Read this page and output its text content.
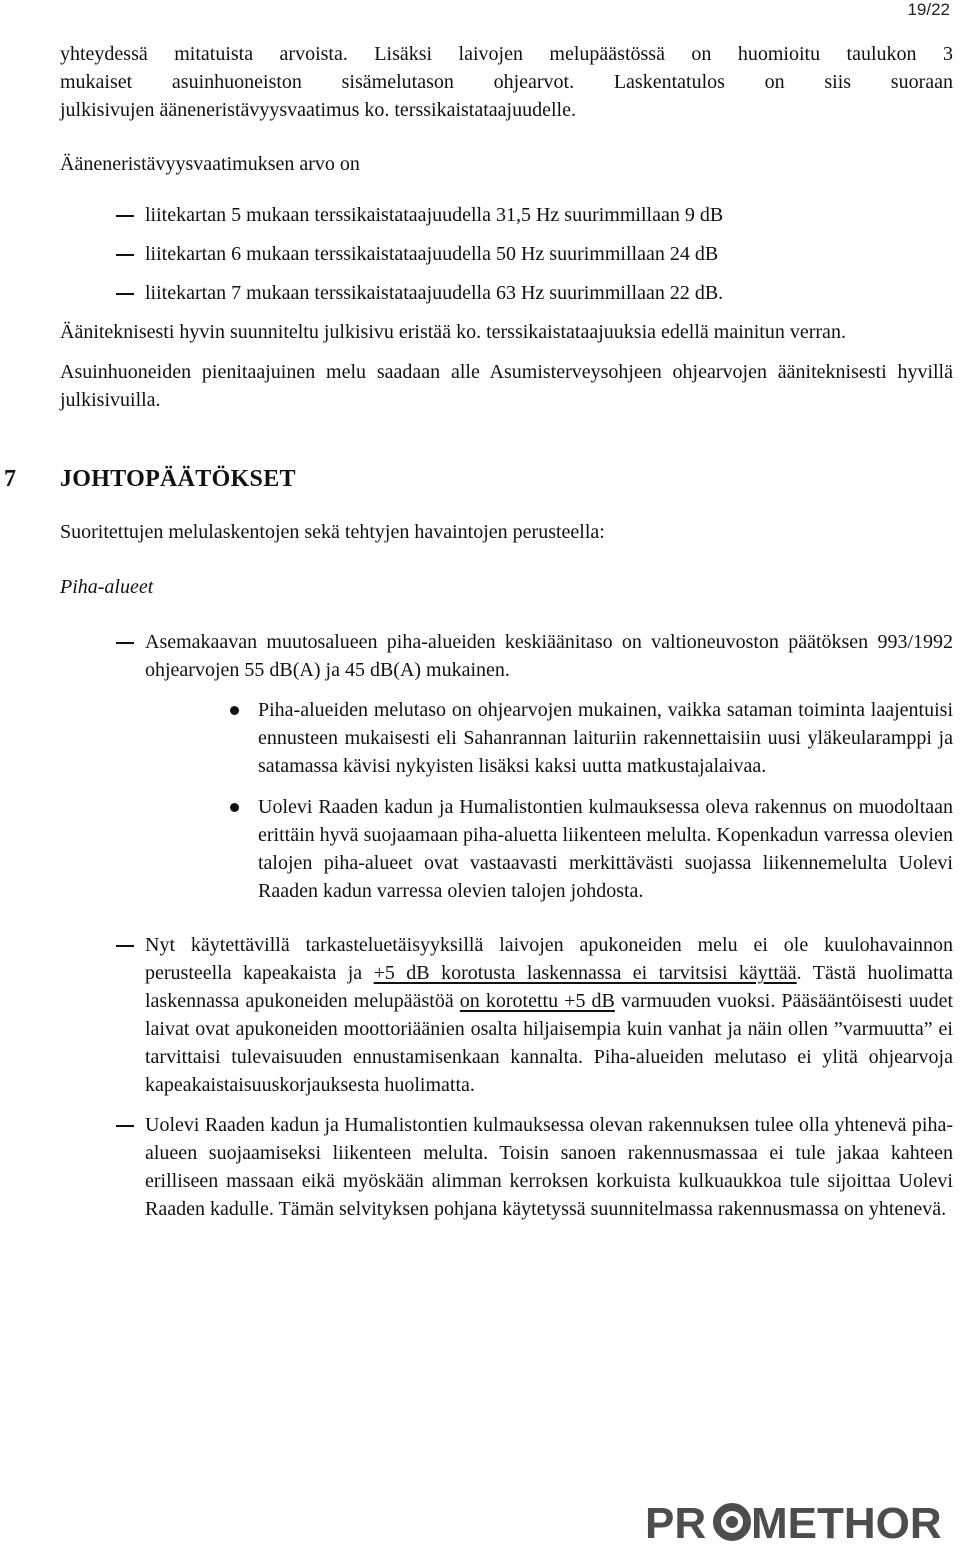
19/22

yhteydessä mitatuista arvoista. Lisäksi laivojen melupäästössä on huomioitu taulukon 3

mukaiset asuinhuoneiston sisämelutason ohjearvot. Laskentatulos on siis suoraan

julkisivujen ääneneristävyysvaatimus ko. terssikaistataajuudelle.

Ääneneristävyysvaatimuksen arvo on

liitekartan 5 mukaan terssikaistataajuudella 31,5 Hz suurimmillaan 9 dB
liitekartan 6 mukaan terssikaistataajuudella 50 Hz suurimmillaan 24 dB
liitekartan 7 mukaan terssikaistataajuudella 63 Hz suurimmillaan 22 dB.

Ääniteknisesti hyvin suunniteltu julkisivu eristää ko. terssikaistataajuuksia edellä mainitun verran.

Asuinhuoneiden pienitaajuinen melu saadaan alle Asumisterveysohjeen ohjearvojen ääniteknisesti hyvillä julkisivuilla.

7 JOHTOPÄÄTÖKSET

Suoritettujen melulaskentojen sekä tehtyjen havaintojen perusteella:

Piha-alueet

Asemakaavan muutosalueen piha-alueiden keskiäänitaso on valtioneuvoston päätöksen 993/1992 ohjearvojen 55 dB(A) ja 45 dB(A) mukainen.

Piha-alueiden melutaso on ohjearvojen mukainen, vaikka sataman toiminta laajentuisi ennusteen mukaisesti eli Sahanrannan laituriin rakennettaisiin uusi yläkeularamppi ja satamassa kävisi nykyisten lisäksi kaksi uutta matkustajalaivaa.

Uolevi Raaden kadun ja Humalistontien kulmauksessa oleva rakennus on muodoltaan erittäin hyvä suojaamaan piha-aluetta liikenteen melulta. Kopenkadun varressa olevien talojen piha-alueet ovat vastaavasti merkittävästi suojassa liikennemelulta Uolevi Raaden kadun varressa olevien talojen johdosta.

Nyt käytettävillä tarkasteluetäisyyksillä laivojen apukoneiden melu ei ole kuulohavainnon perusteella kapeakaista ja +5 dB korotusta laskennassa ei tarvitsisi käyttää. Tästä huolimatta laskennassa apukoneiden melupäästöä on korotettu +5 dB varmuuden vuoksi. Pääsääntöisesti uudet laivat ovat apukoneiden moottoriäänien osalta hiljaisempia kuin vanhat ja näin ollen ”varmuutta” ei tarvittaisi tulevaisuuden ennustamisenkaan kannalta. Piha-alueiden melutaso ei ylitä ohjearvoja kapeakaistaisuuskorjauksesta huolimatta.

Uolevi Raaden kadun ja Humalistontien kulmauksessa olevan rakennuksen tulee olla yhtenevä piha-alueen suojaamiseksi liikenteen melulta. Toisin sanoen rakennusmassaa ei tule jakaa kahteen erilliseen massaan eikä myöskään alimman kerroksen korkuista kulkuaukkoa tule sijoittaa Uolevi Raaden kadulle. Tämän selvityksen pohjana käytetyssä suunnitelmassa rakennusmassa on yhtenevä.

PR METHOR
